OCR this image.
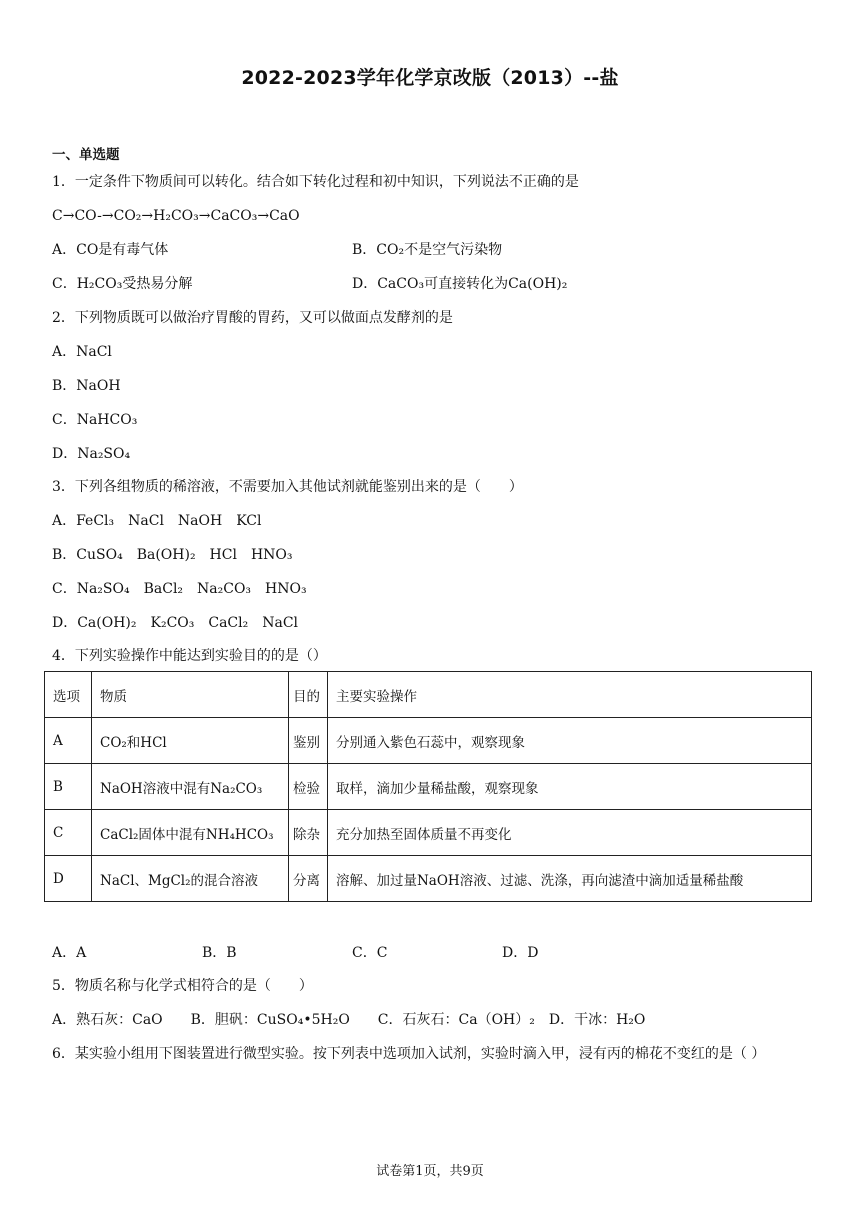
2022-2023学年化学京改版（2013）--盐
一、单选题
1．一定条件下物质间可以转化。结合如下转化过程和初中知识，下列说法不正确的是
C→CO-→CO₂→H₂CO₃→CaCO₃→CaO
A．CO是有毒气体	B．CO₂不是空气污染物
C．H₂CO₃受热易分解	D．CaCO₃可直接转化为Ca(OH)₂
2．下列物质既可以做治疗胃酸的胃药，又可以做面点发酵剂的是
A．NaCl
B．NaOH
C．NaHCO₃
D．Na₂SO₄
3．下列各组物质的稀溶液，不需要加入其他试剂就能鉴别出来的是（　　）
A．FeCl₃　NaCl　NaOH　KCl
B．CuSO₄　Ba(OH)₂　HCl　HNO₃
C．Na₂SO₄　BaCl₂　Na₂CO₃　HNO₃
D．Ca(OH)₂　K₂CO₃　CaCl₂　NaCl
4．下列实验操作中能达到实验目的的是（）
选项	物质	目的	主要实验操作
A	CO₂和HCl	鉴别	分别通入紫色石蕊中，观察现象
B	NaOH溶液中混有Na₂CO₃	检验	取样，滴加少量稀盐酸，观察现象
C	CaCl₂固体中混有NH₄HCO₃	除杂	充分加热至固体质量不再变化
D	NaCl、MgCl₂的混合溶液	分离	溶解、加过量NaOH溶液、过滤、洗涤，再向滤渣中滴加适量稀盐酸
A．A	B．B	C．C	D．D
5．物质名称与化学式相符合的是（　　）
A．熟石灰：CaO　　B．胆矾：CuSO₄•5H₂O　　C．石灰石：Ca（OH）₂　D．干冰：H₂O
6．某实验小组用下图装置进行微型实验。按下列表中选项加入试剂，实验时滴入甲，浸有丙的棉花不变红的是（ ）
试卷第1页，共9页
